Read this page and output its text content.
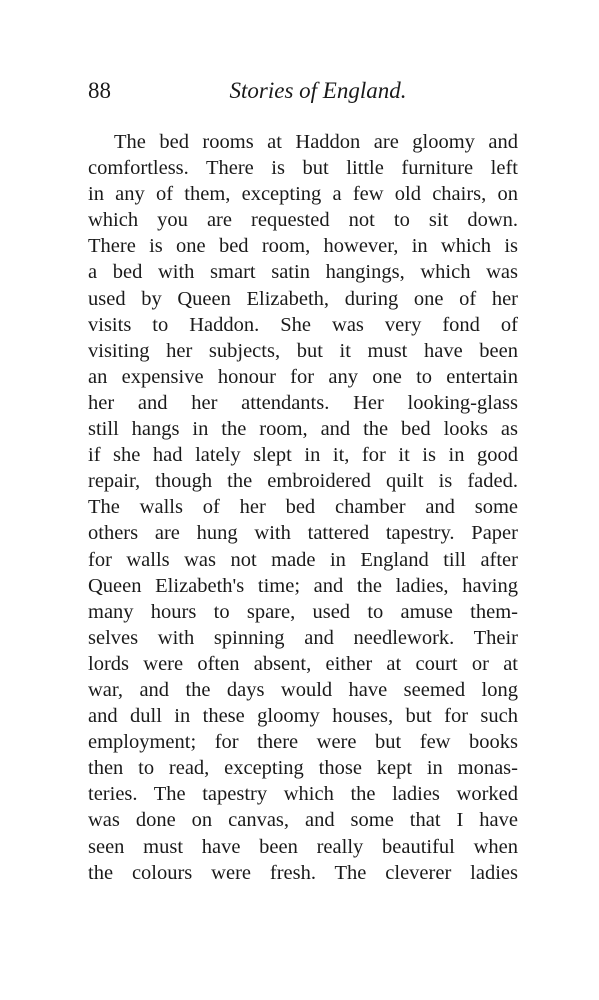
88	Stories of England.
The bed rooms at Haddon are gloomy and
comfortless. There is but little furniture left
in any of them, excepting a few old chairs, on
which you are requested not to sit down.
There is one bed room, however, in which is
a bed with smart satin hangings, which was
used by Queen Elizabeth, during one of her
visits to Haddon. She was very fond of
visiting her subjects, but it must have been
an expensive honour for any one to entertain
her and her attendants. Her looking-glass
still hangs in the room, and the bed looks as
if she had lately slept in it, for it is in good
repair, though the embroidered quilt is faded.
The walls of her bed chamber and some
others are hung with tattered tapestry. Paper
for walls was not made in England till after
Queen Elizabeth's time; and the ladies, having
many hours to spare, used to amuse them-
selves with spinning and needlework. Their
lords were often absent, either at court or at
war, and the days would have seemed long
and dull in these gloomy houses, but for such
employment; for there were but few books
then to read, excepting those kept in monas-
teries. The tapestry which the ladies worked
was done on canvas, and some that I have
seen must have been really beautiful when
the colours were fresh. The cleverer ladies
